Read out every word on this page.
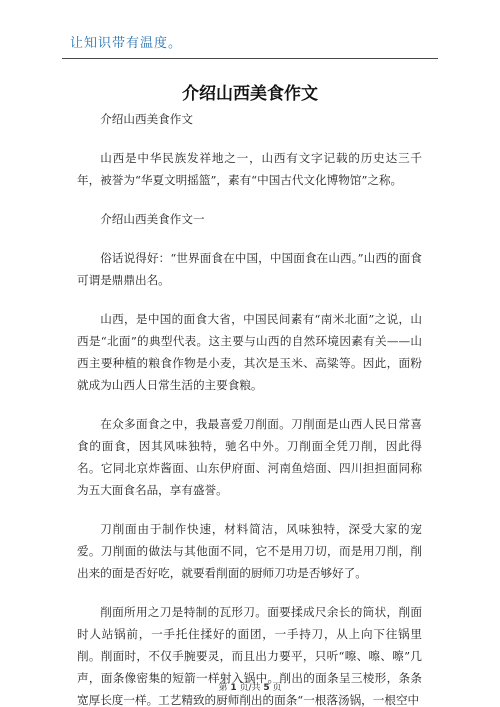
让知识带有温度。
介绍山西美食作文

介绍山西美食作文

山西是中华民族发祥地之一，山西有文字记载的历史达三千年，被誉为“华夏文明摇篮”，素有“中国古代文化博物馆”之称。

介绍山西美食作文一

俗话说得好：“世界面食在中国，中国面食在山西。”山西的面食可谓是鼎鼎出名。

山西，是中国的面食大省，中国民间素有“南米北面”之说，山西是“北面”的典型代表。这主要与山西的自然环境因素有关——山西主要种植的粮食作物是小麦，其次是玉米、高粱等。因此，面粉就成为山西人日常生活的主要食粮。

在众多面食之中，我最喜爱刀削面。刀削面是山西人民日常喜食的面食，因其风味独特，驰名中外。刀削面全凭刀削，因此得名。它同北京炸酱面、山东伊府面、河南鱼焙面、四川担担面同称为五大面食名品，享有盛誉。

刀削面由于制作快速，材料简洁，风味独特，深受大家的宠爱。刀削面的做法与其他面不同，它不是用刀切，而是用刀削，削出来的面是否好吃，就要看削面的厨师刀功是否够好了。

削面所用之刀是特制的瓦形刀。面要揉成尺余长的筒状，削面时人站锅前，一手托住揉好的面团，一手持刀，从上向下往锅里削。削面时，不仅手腕要灵，而且出力要平，只听“嚓、嚓、嚓”几声，面条像密集的短箭一样射入锅中。削出的面条呈三棱形，条条宽厚长度一样。工艺精致的厨师削出的面条“一根落汤锅，一根空中

第 1 页/共 5 页
